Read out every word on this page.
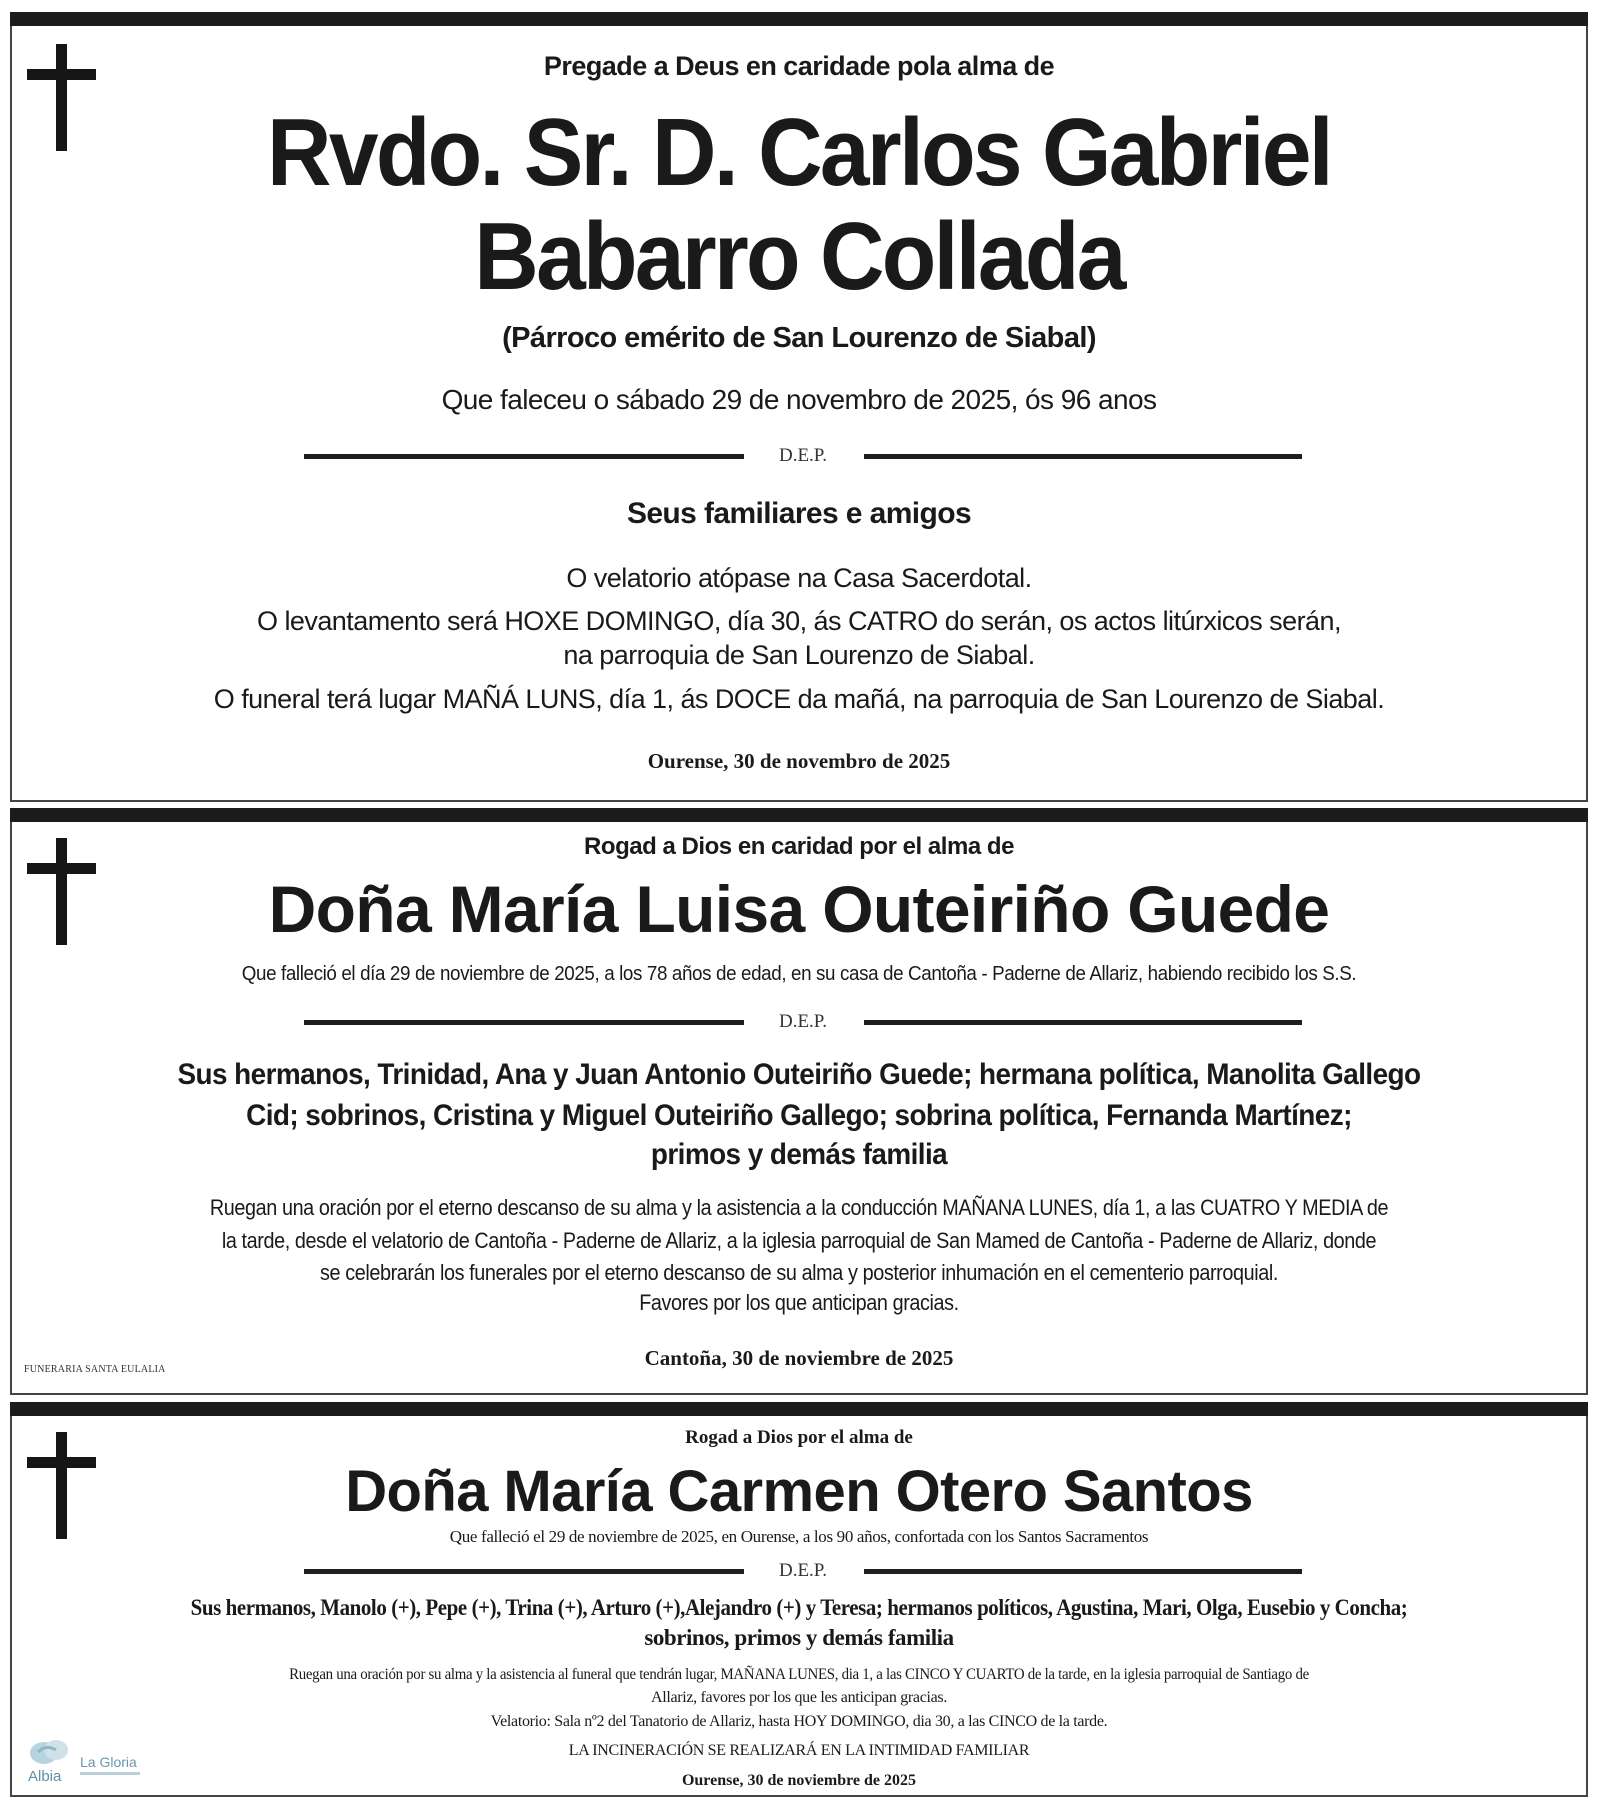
Pregade a Deus en caridade pola alma de
Rvdo. Sr. D. Carlos Gabriel
Babarro Collada
(Párroco emérito de San Lourenzo de Siabal)
Que faleceu o sábado 29 de novembro de 2025, ós 96 anos
D.E.P.
Seus familiares e amigos
O velatorio atópase na Casa Sacerdotal.
O levantamento será HOXE DOMINGO, día 30, ás CATRO do serán, os actos litúrxicos serán,
na parroquia de San Lourenzo de Siabal.
O funeral terá lugar MAÑÁ LUNS, día 1, ás DOCE da mañá, na parroquia de San Lourenzo de Siabal.
Ourense, 30 de novembro de 2025
Rogad a Dios en caridad por el alma de
Doña María Luisa Outeiriño Guede
Que falleció el día 29 de noviembre de 2025, a los 78 años de edad, en su casa de Cantoña - Paderne de Allariz, habiendo recibido los S.S.
D.E.P.
Sus hermanos, Trinidad, Ana y Juan Antonio Outeiriño Guede; hermana política, Manolita Gallego
Cid; sobrinos, Cristina y Miguel Outeiriño Gallego; sobrina política, Fernanda Martínez;
primos y demás familia
Ruegan una oración por el eterno descanso de su alma y la asistencia a la conducción MAÑANA LUNES, día 1, a las CUATRO Y MEDIA de
la tarde, desde el velatorio de Cantoña - Paderne de Allariz, a la iglesia parroquial de San Mamed de Cantoña - Paderne de Allariz, donde
se celebrarán los funerales por el eterno descanso de su alma y posterior inhumación en el cementerio parroquial.
Favores por los que anticipan gracias.
Cantoña, 30 de noviembre de 2025
FUNERARIA SANTA EULALIA
Rogad a Dios por el alma de
Doña María Carmen Otero Santos
Que falleció el 29 de noviembre de 2025, en Ourense, a los 90 años, confortada con los Santos Sacramentos
D.E.P.
Sus hermanos, Manolo (+), Pepe (+), Trina (+), Arturo (+),Alejandro (+) y Teresa; hermanos políticos, Agustina, Mari, Olga, Eusebio y Concha;
sobrinos, primos y demás familia
Ruegan una oración por su alma y la asistencia al funeral que tendrán lugar, MAÑANA LUNES, dia 1, a las CINCO Y CUARTO de la tarde, en la iglesia parroquial de Santiago de
Allariz, favores por los que les anticipan gracias.
Velatorio: Sala nº2 del Tanatorio de Allariz, hasta HOY DOMINGO, dia 30, a las CINCO de la tarde.
LA INCINERACIÓN SE REALIZARÁ EN LA INTIMIDAD FAMILIAR
Ourense, 30 de noviembre de 2025
Albia
La Gloria
